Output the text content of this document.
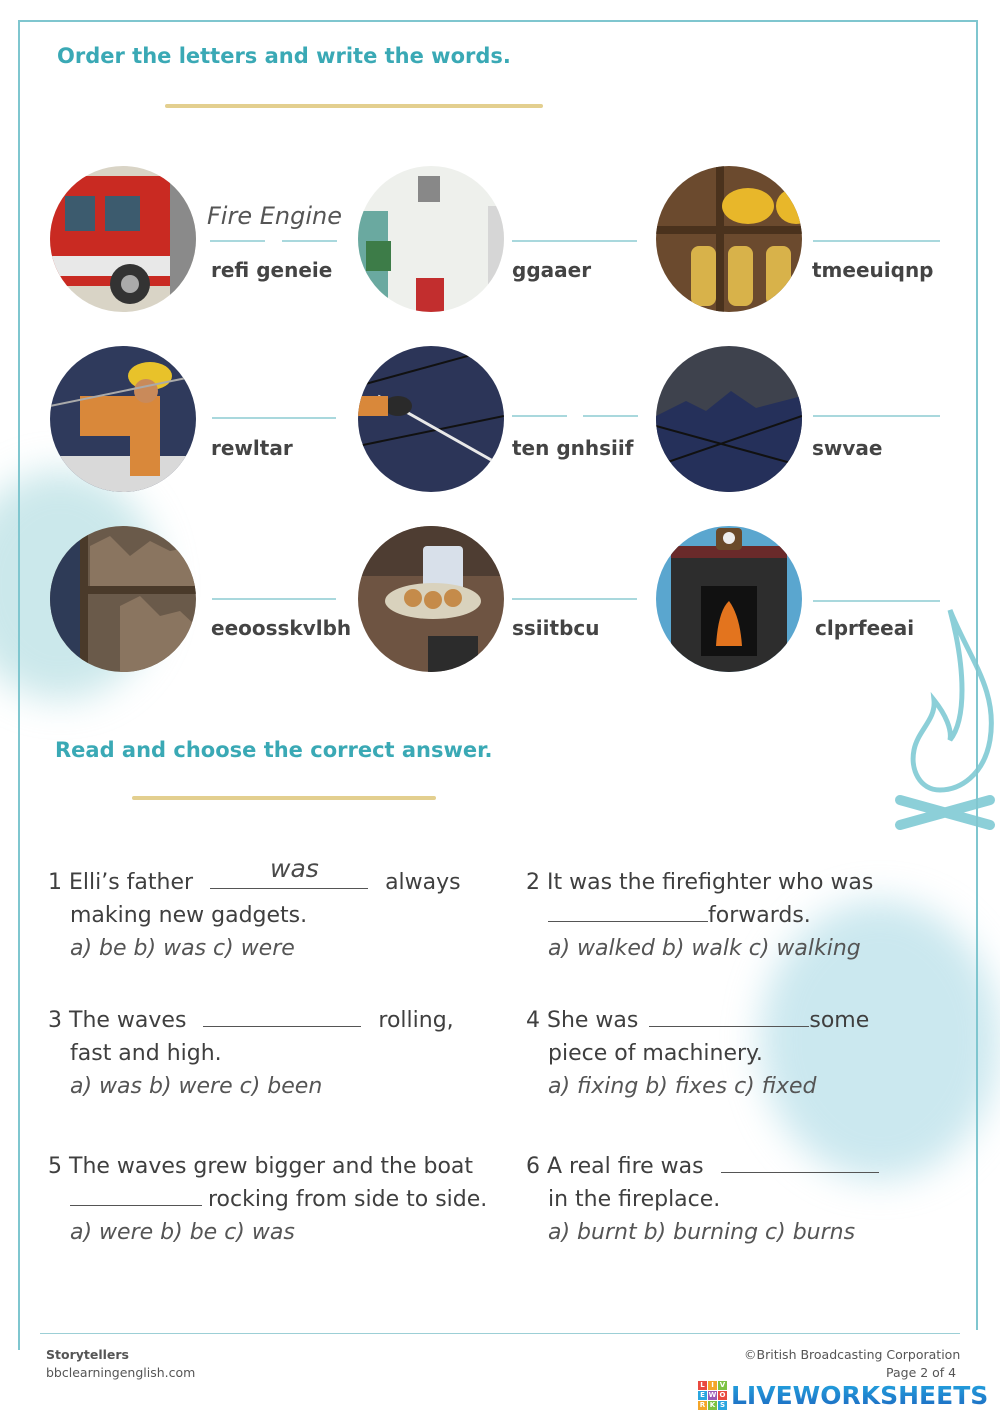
Order the letters and write the words.
Fire Engine
refi geneie	ggaaer	tmeeuiqnp
rewltar	ten gnhsiif	swvae
eeoosskvlbh	ssiitbcu	clprfeeai
Read and choose the correct answer.
1 Elli’s father	always
making new gadgets.
a) be b) was c) were
was	2 It was the firefighter who was
forwards.
a) walked b) walk c) walking
3 The waves	rolling,
fast and high.
a) was b) were c) been
4 She was	some
piece of machinery.
a) fixing b) fixes c) fixed
5 The waves grew bigger and the boat
rocking from side to side.
a) were b) be c) was
6 A real fire was
in the fireplace.
a) burnt b) burning c) burns
Storytellers
bbclearningenglish.com
©British Broadcasting Corporation
Page 2 of 4
L I V
E W O
R K S LIVEWORKSHEETS
